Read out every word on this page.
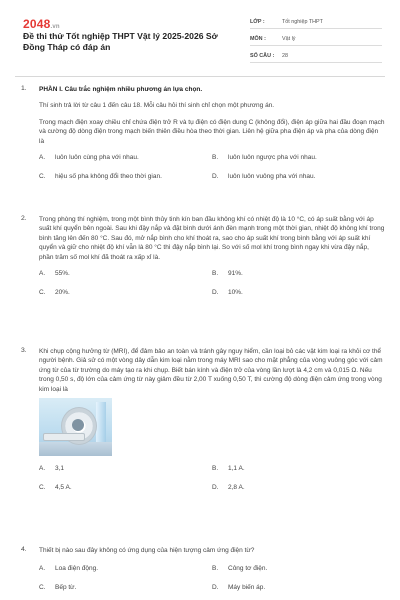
2048.vn
Đề thi thử Tốt nghiệp THPT Vật lý 2025-2026 Sở Đồng Tháp có đáp án
LỚP :	Tốt nghiệp THPT
MÔN :	Vật lý
SỐ CÂU :	28
1. PHẦN I. Câu trắc nghiệm nhiều phương án lựa chọn.

Thí sinh trả lời từ câu 1 đến câu 18. Mỗi câu hỏi thí sinh chỉ chọn một phương án.

Trong mạch điện xoay chiều chỉ chứa điện trở R và tụ điện có điện dung C (không đổi), điện áp giữa hai đầu đoạn mạch và cường độ dòng điện trong mạch biến thiên điều hòa theo thời gian. Liên hệ giữa pha điện áp và pha của dòng điện là

A.	luôn luôn cùng pha với nhau.	B.	luôn luôn ngược pha với nhau.
C.	hiệu số pha không đổi theo thời gian.	D.	luôn luôn vuông pha với nhau.
2. Trong phòng thí nghiệm, trong một bình thủy tinh kín ban đầu không khí có nhiệt độ là 10 °C, có áp suất bằng với áp suất khí quyển bên ngoài. Sau khi đậy nắp và đặt bình dưới ánh đèn mạnh trong một thời gian, nhiệt độ không khí trong bình tăng lên đến 80 °C. Sau đó, mở nắp bình cho khí thoát ra, sao cho áp suất khí trong bình bằng với áp suất khí quyển và giữ cho nhiệt độ khí vẫn là 80 °C thì đậy nắp bình lại. So với số mol khí trong bình ngay khi vừa đậy nắp, phần trăm số mol khí đã thoát ra xấp xỉ là.

A.	55%.	B.	91%.
C.	20%.	D.	10%.
3. Khi chụp cộng hưởng từ (MRI), để đảm bảo an toàn và tránh gây nguy hiểm, cần loại bỏ các vật kim loại ra khỏi cơ thể người bệnh. Giả sử có một vòng dây dẫn kim loại nằm trong máy MRI sao cho mặt phẳng của vòng vuông góc với cảm ứng từ của từ trường do máy tạo ra khi chụp. Biết bán kính và điện trở của vòng lần lượt là 4,2 cm và 0,015 Ω. Nếu trong 0,50 s, độ lớn của cảm ứng từ này giảm đều từ 2,00 T xuống 0,50 T, thì cường độ dòng điện cảm ứng trong vòng kim loại là

A.	3,1	B.	1,1 A.
C.	4,5 A.	D.	2,8 A.
4. Thiết bị nào sau đây không có ứng dụng của hiện tượng cảm ứng điện từ?

A.	Loa điện động.	B.	Công tơ điện.
C.	Bếp từ.	D.	Máy biến áp.
